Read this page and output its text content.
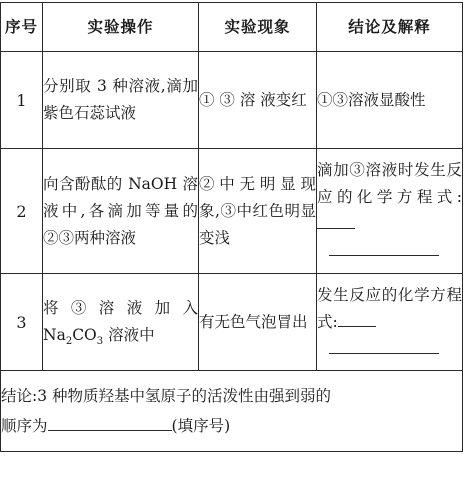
序号	实验操作	实验现象	结论及解释
1	分别取 3 种溶液,滴加紫色石蕊试液	① ③ 溶 液变红	①③溶液显酸性
2	向含酚酞的 NaOH 溶液中,各滴加等量的②③两种溶液	②中无明显现象,③中红色明显变浅	滴加③溶液时发生反应的化学方程式:

3	将③溶液加入 $Na_2CO_3$ 溶液中	有无色气泡冒出	发生反应的化学方程式:

结论:3 种物质羟基中氢原子的活泼性由强到弱的
顺序为 (填序号)			
